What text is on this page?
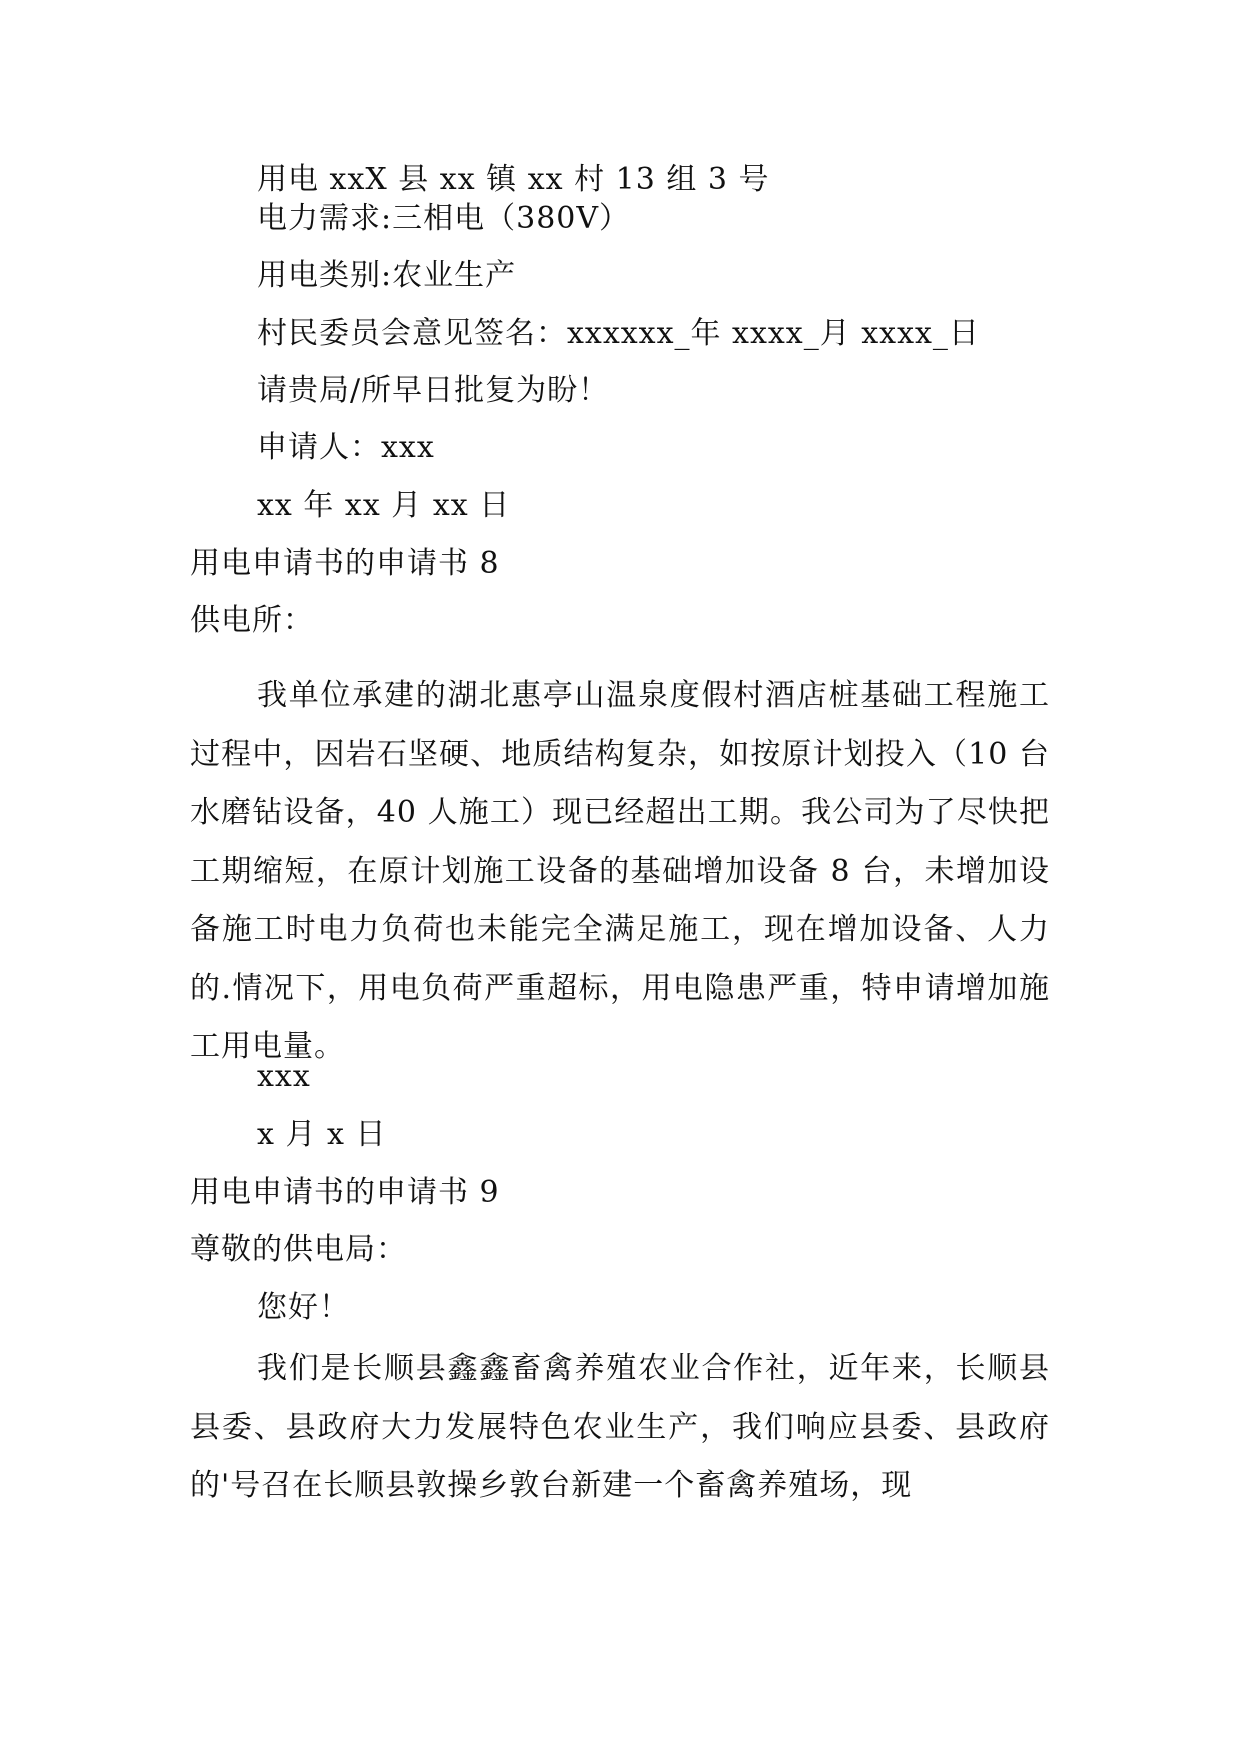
用电 xxX 县 xx 镇 xx 村 13 组 3 号
电力需求:三相电（380V）
用电类别:农业生产
村民委员会意见签名：xxxxxx_年 xxxx_月 xxxx_日
请贵局/所早日批复为盼！
申请人：xxx
xx 年 xx 月 xx 日
用电申请书的申请书 8
供电所：
我单位承建的湖北惠亭山温泉度假村酒店桩基础工程施工过程中，因岩石坚硬、地质结构复杂，如按原计划投入（10 台水磨钻设备，40 人施工）现已经超出工期。我公司为了尽快把工期缩短，在原计划施工设备的基础增加设备 8 台，未增加设备施工时电力负荷也未能完全满足施工，现在增加设备、人力的.情况下，用电负荷严重超标，用电隐患严重，特申请增加施工用电量。
xxx
x 月 x 日
用电申请书的申请书 9
尊敬的供电局：
您好！
我们是长顺县鑫鑫畜禽养殖农业合作社，近年来，长顺县县委、县政府大力发展特色农业生产，我们响应县委、县政府的'号召在长顺县敦操乡敦台新建一个畜禽养殖场，现
